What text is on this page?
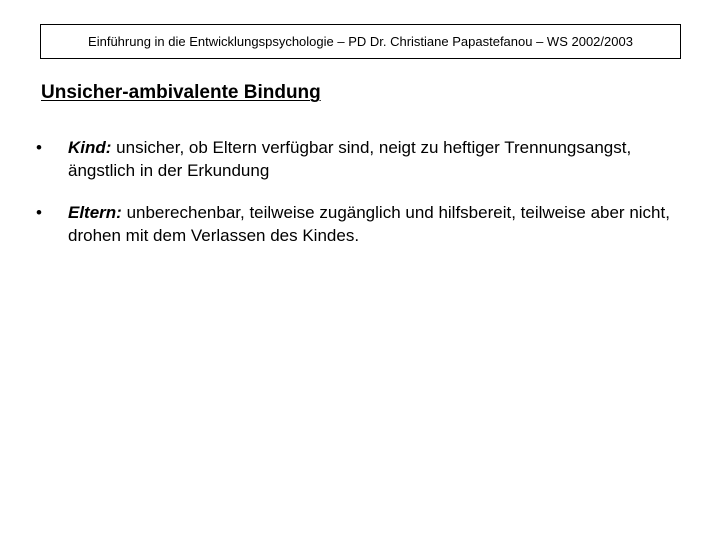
Einführung in die Entwicklungspsychologie – PD Dr. Christiane Papastefanou – WS 2002/2003
Unsicher-ambivalente Bindung
• Kind: unsicher, ob Eltern verfügbar sind, neigt zu heftiger Trennungsangst, ängstlich in der Erkundung
• Eltern: unberechenbar, teilweise zugänglich und hilfsbereit, teilweise aber nicht, drohen mit dem Verlassen des Kindes.
